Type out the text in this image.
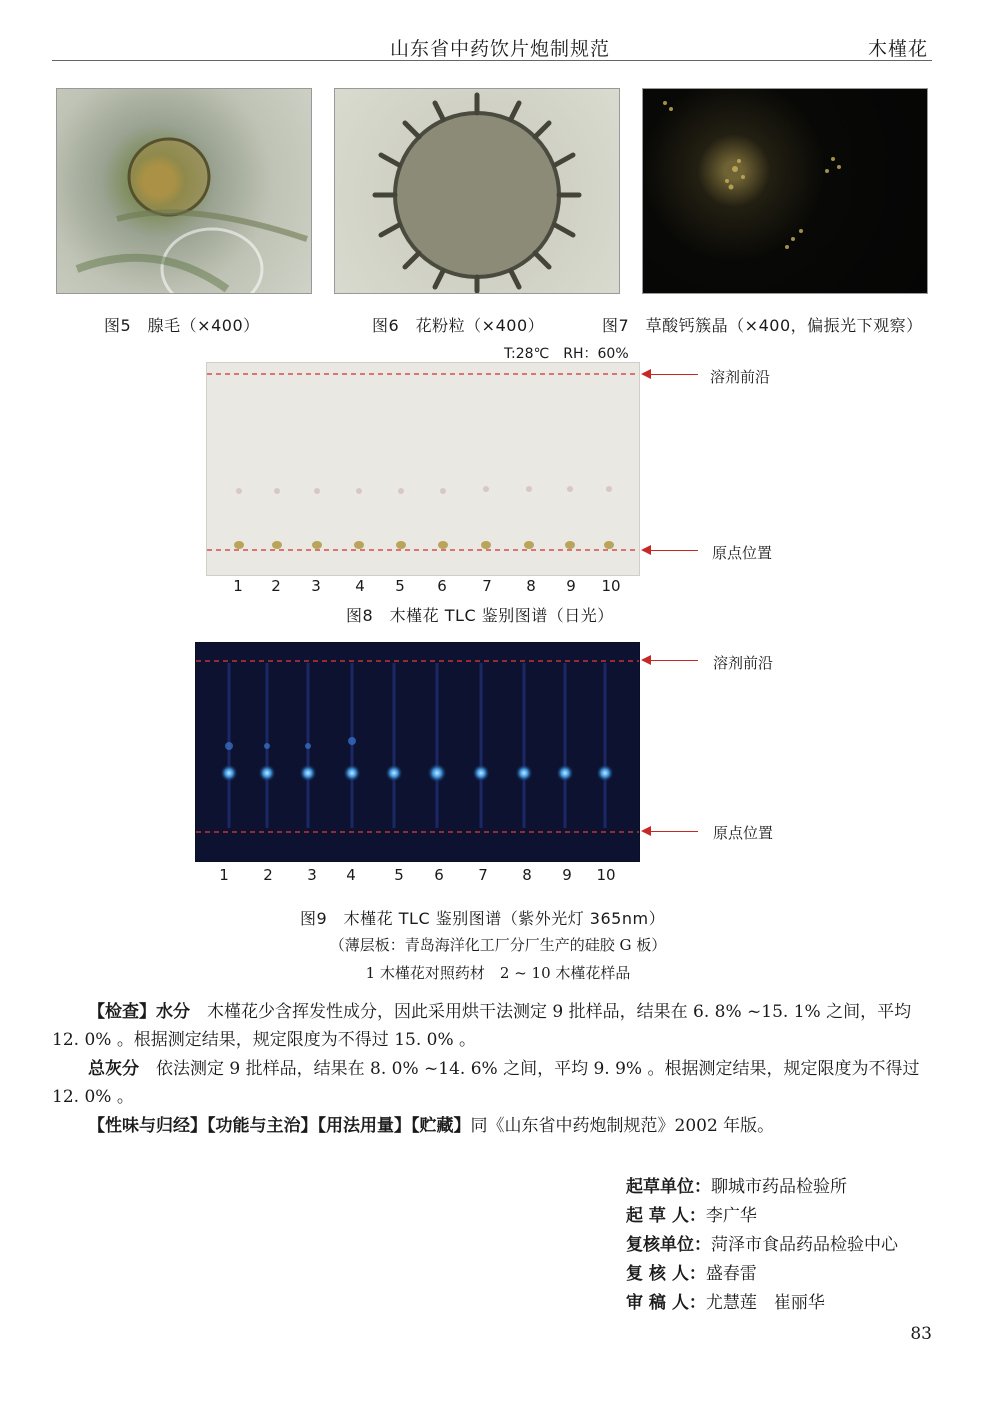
山东省中药饮片炮制规范	木槿花
图5　腺毛（×400）	图6　花粉粒（×400）	图7　草酸钙簇晶（×400，偏振光下观察）
T:28℃　RH：60%
溶剂前沿
原点位置
1	2	3	4	5	6	7	8	9	10
图8　木槿花 TLC 鉴别图谱（日光）
溶剂前沿
原点位置
1	2	3	4	5	6	7	8	9	10
图9　木槿花 TLC 鉴别图谱（紫外光灯 365nm）
（薄层板：青岛海洋化工厂分厂生产的硅胶 G 板）
1 木槿花对照药材　2 ~ 10 木槿花样品
【检查】水分　 木槿花少含挥发性成分，因此采用烘干法测定 9 批样品，结果在 6. 8% ~15. 1% 之间，平均 12. 0% 。根据测定结果，规定限度为不得过 15. 0% 。
总灰分　 依法测定 9 批样品，结果在 8. 0% ~14. 6% 之间，平均 9. 9% 。根据测定结果，规定限度为不得过 12. 0% 。
【性味与归经】【功能与主治】【用法用量】【贮藏】同《山东省中药炮制规范》2002 年版。
起草单位：聊城市药品检验所
起 草 人：李广华
复核单位：菏泽市食品药品检验中心
复 核 人：盛春雷
审 稿 人：尤慧莲　崔丽华
83
